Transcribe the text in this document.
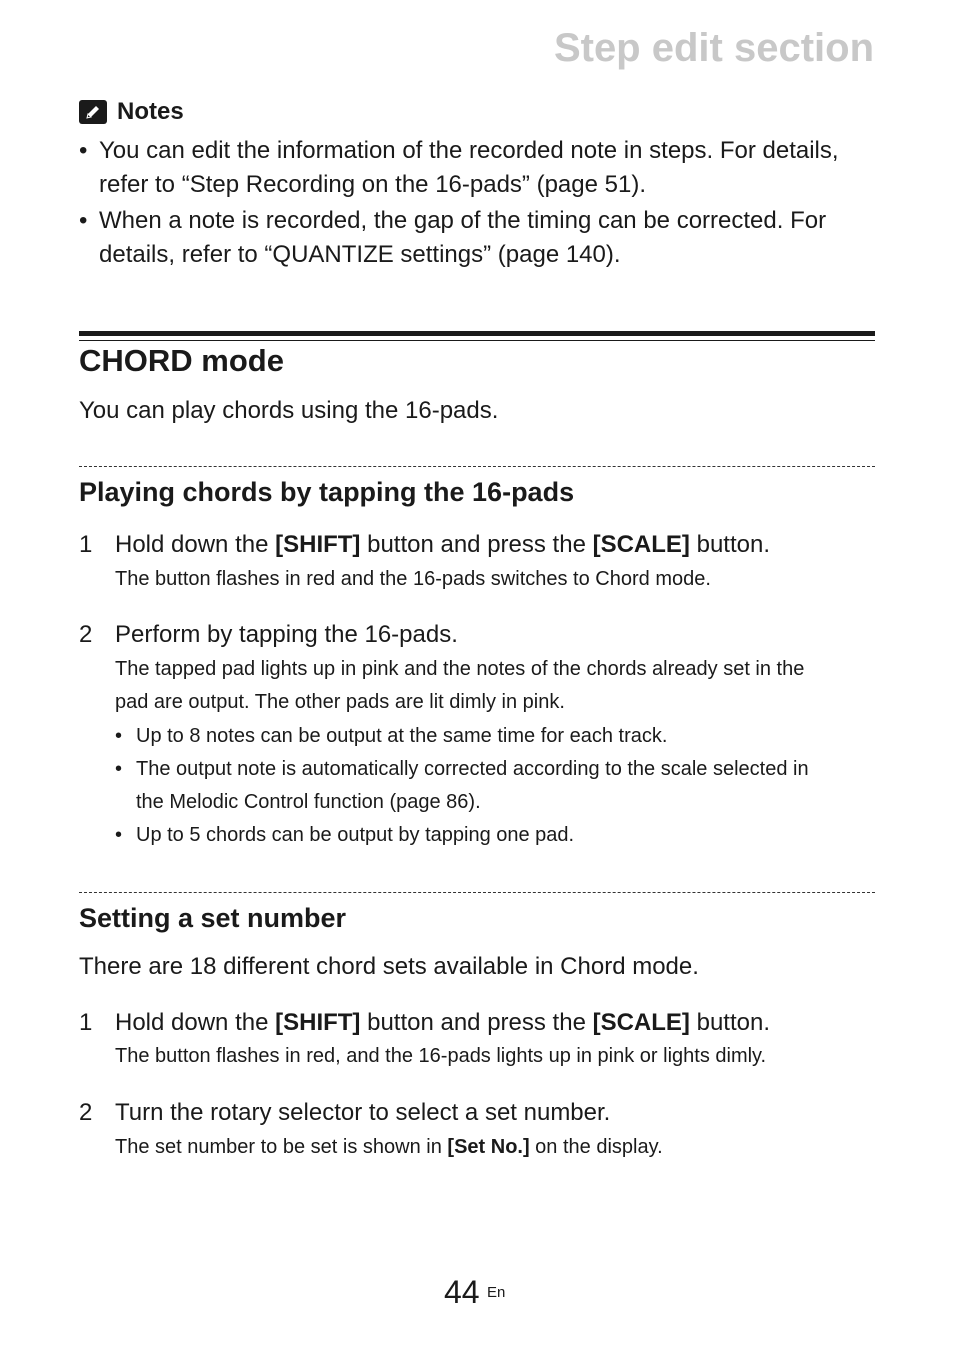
Step edit section
Notes
• You can edit the information of the recorded note in steps. For details,
refer to “Step Recording on the 16-pads” (page 51).
• When a note is recorded, the gap of the timing can be corrected. For
details, refer to “QUANTIZE settings” (page 140).
CHORD mode
You can play chords using the 16-pads.
Playing chords by tapping the 16-pads
1 Hold down the [SHIFT] button and press the [SCALE] button.
The button flashes in red and the 16-pads switches to Chord mode.
2 Perform by tapping the 16-pads.
The tapped pad lights up in pink and the notes of the chords already set in the
pad are output. The other pads are lit dimly in pink.
• Up to 8 notes can be output at the same time for each track.
• The output note is automatically corrected according to the scale selected in
the Melodic Control function (page 86).
• Up to 5 chords can be output by tapping one pad.
Setting a set number
There are 18 different chord sets available in Chord mode.
1 Hold down the [SHIFT] button and press the [SCALE] button.
The button flashes in red, and the 16-pads lights up in pink or lights dimly.
2 Turn the rotary selector to select a set number.
The set number to be set is shown in [Set No.] on the display.
44 En
